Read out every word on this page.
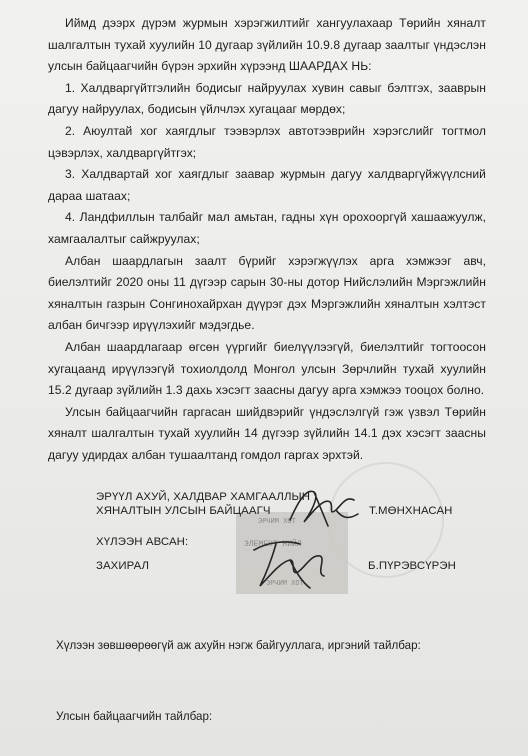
Иймд дээрх дүрэм журмын хэрэгжилтийг хангуулахаар Төрийн хяналт шалгалтын тухай хуулийн 10 дугаар зүйлийн 10.9.8 дугаар заалтыг үндэслэн улсын байцаагчийн бүрэн эрхийн хүрээнд ШААРДАХ НЬ:

1. Халдваргүйтгэлийн бодисыг найруулах хувин савыг бэлтгэх, зааврын дагуу найруулах, бодисын үйлчлэх хугацааг мөрдөх;

2. Аюултай хог хаягдлыг тээвэрлэх автотээврийн хэрэгслийг тогтмол цэвэрлэх, халдваргүйтгэх;

3. Халдвартай хог хаягдлыг заавар журмын дагуу халдваргүйжүүлсний дараа шатаах;

4. Ландфиллын талбайг мал амьтан, гадны хүн орохооргүй хашаажуулж, хамгаалалтыг сайжруулах;

Албан шаардлагын заалт бүрийг хэрэгжүүлэх арга хэмжээг авч, биелэлтийг 2020 оны 11 дүгээр сарын 30-ны дотор Нийслэлийн Мэргэжлийн хяналтын газрын Сонгинохайрхан дүүрэг дэх Мэргэжлийн хяналтын хэлтэст албан бичгээр ирүүлэхийг мэдэгдье.

Албан шаардлагаар өгсөн үүргийг биелүүлээгүй, биелэлтийг тогтоосон хугацаанд ирүүлээгүй тохиолдолд Монгол улсын Зөрчлийн тухай хуулийн 15.2 дугаар зүйлийн 1.3 дахь хэсэгт заасны дагуу арга хэмжээ тооцох болно.

Улсын байцаагчийн гаргасан шийдвэрийг үндэслэлгүй гэж үзвэл Төрийн хяналт шалгалтын тухай хуулийн 14 дүгээр зүйлийн 14.1 дэх хэсэгт заасны дагуу удирдах албан тушаалтанд гомдол гаргах эрхтэй.

ЭРЧИМ ХОТ
ЭЛЕМЕНТ НИЙЛ
ЭРЧИМ ХОТ
ЭРҮҮЛ АХУЙ, ХАЛДВАР ХАМГААЛЛЫН
ХЯНАЛТЫН УЛСЫН БАЙЦААГЧ	Т.МӨНХНАСАН
ХҮЛЭЭН АВСАН:
ЗАХИРАЛ	Б.ПҮРЭВСҮРЭН
Хүлээн зөвшөөрөөгүй аж ахуйн нэгж байгууллага, иргэний тайлбар:
Улсын байцаагчийн тайлбар:
